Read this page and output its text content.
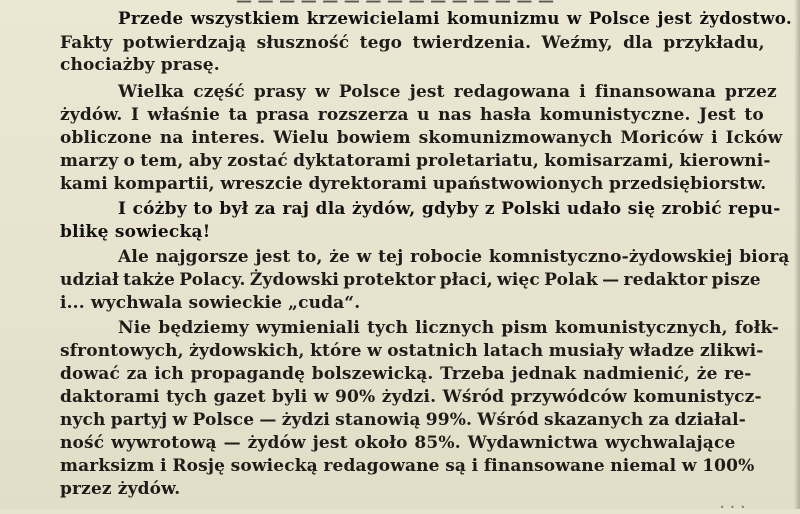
— — — — — — — — — — — — — — —
Przede wszystkiem krzewicielami komunizmu w Polsce jest żydostwo.
Fakty potwierdzają słuszność tego twierdzenia. Weźmy, dla przykładu,
chociażby prasę.
Wielka część prasy w Polsce jest redagowana i finansowana przez
żydów. I właśnie ta prasa rozszerza u nas hasła komunistyczne. Jest to
obliczone na interes. Wielu bowiem skomunizmowanych Moriców i Icków
marzy o tem, aby zostać dyktatorami proletariatu, komisarzami, kierowni-
kami kompartii, wreszcie dyrektorami upaństwowionych przedsiębiorstw.
I cóżby to był za raj dla żydów, gdyby z Polski udało się zrobić repu-
blikę sowiecką!
Ale najgorsze jest to, że w tej robocie komnistyczno-żydowskiej biorą
udział także Polacy. Żydowski protektor płaci, więc Polak — redaktor pisze
i... wychwala sowieckie „cuda“.
Nie będziemy wymieniali tych licznych pism komunistycznych, fołk-
sfrontowych, żydowskich, które w ostatnich latach musiały władze zlikwi-
dować za ich propagandę bolszewicką. Trzeba jednak nadmienić, że re-
daktorami tych gazet byli w 90% żydzi. Wśród przywódców komunistycz-
nych partyj w Polsce — żydzi stanowią 99%. Wśród skazanych za działal-
ność wywrotową — żydów jest około 85%. Wydawnictwa wychwalające
marksizm i Rosję sowiecką redagowane są i finansowane niemal w 100%
przez żydów.
· · ·
